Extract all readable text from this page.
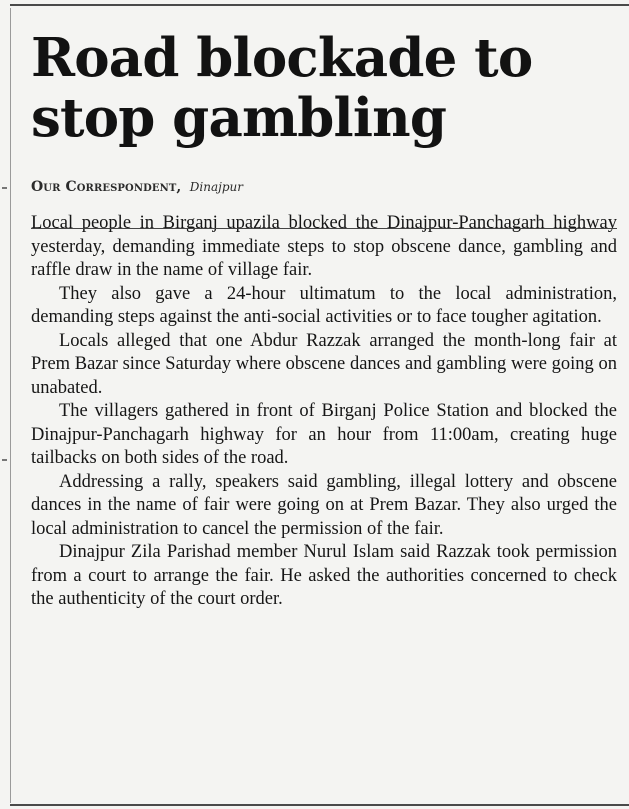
Road blockade to stop gambling
Our Correspondent, Dinajpur

Local people in Birganj upazila blocked the Dinajpur-Panchagarh highway yesterday, demanding immediate steps to stop obscene dance, gambling and raffle draw in the name of village fair.

They also gave a 24-hour ultimatum to the local administration, demanding steps against the anti-social activities or to face tougher agitation.

Locals alleged that one Abdur Razzak arranged the month-long fair at Prem Bazar since Saturday where obscene dances and gambling were going on unabated.

The villagers gathered in front of Birganj Police Station and blocked the Dinajpur-Panchagarh highway for an hour from 11:00am, creating huge tailbacks on both sides of the road.

Addressing a rally, speakers said gambling, illegal lottery and obscene dances in the name of fair were going on at Prem Bazar. They also urged the local administration to cancel the permission of the fair.

Dinajpur Zila Parishad member Nurul Islam said Razzak took permission from a court to arrange the fair. He asked the authorities concerned to check the authenticity of the court order.
